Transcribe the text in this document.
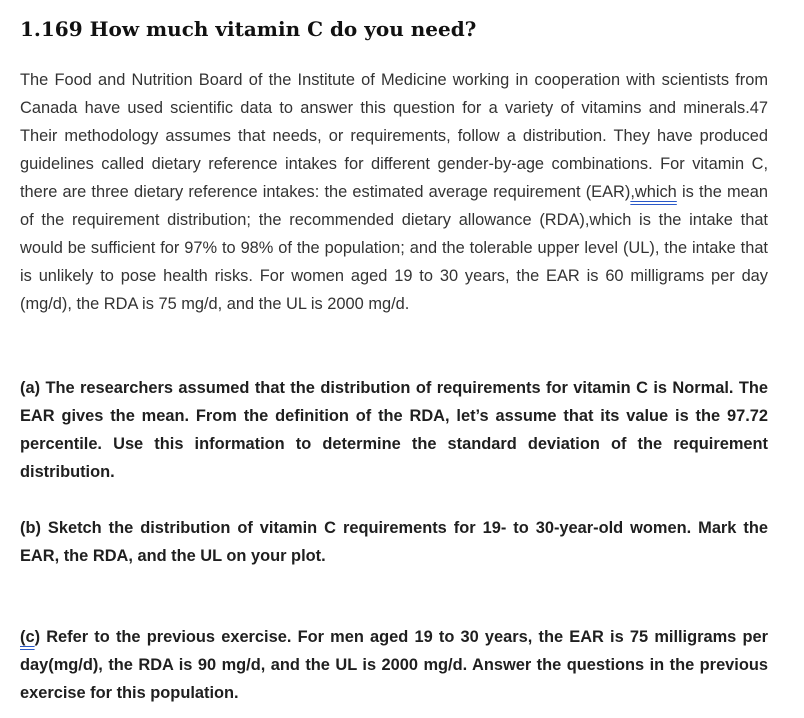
1.169 How much vitamin C do you need?
The Food and Nutrition Board of the Institute of Medicine working in cooperation with scientists from Canada have used scientific data to answer this question for a variety of vitamins and minerals.47 Their methodology assumes that needs, or requirements, follow a distribution. They have produced guidelines called dietary reference intakes for different gender-by-age combinations. For vitamin C, there are three dietary reference intakes: the estimated average requirement (EAR),which is the mean of the requirement distribution; the recommended dietary allowance (RDA),which is the intake that would be sufficient for 97% to 98% of the population; and the tolerable upper level (UL), the intake that is unlikely to pose health risks. For women aged 19 to 30 years, the EAR is 60 milligrams per day (mg/d), the RDA is 75 mg/d, and the UL is 2000 mg/d.
(a) The researchers assumed that the distribution of requirements for vitamin C is Normal. The EAR gives the mean. From the definition of the RDA, let’s assume that its value is the 97.72 percentile. Use this information to determine the standard deviation of the requirement distribution.
(b) Sketch the distribution of vitamin C requirements for 19- to 30-year-old women. Mark the EAR, the RDA, and the UL on your plot.
(c) Refer to the previous exercise. For men aged 19 to 30 years, the EAR is 75 milligrams per day(mg/d), the RDA is 90 mg/d, and the UL is 2000 mg/d. Answer the questions in the previous exercise for this population.
